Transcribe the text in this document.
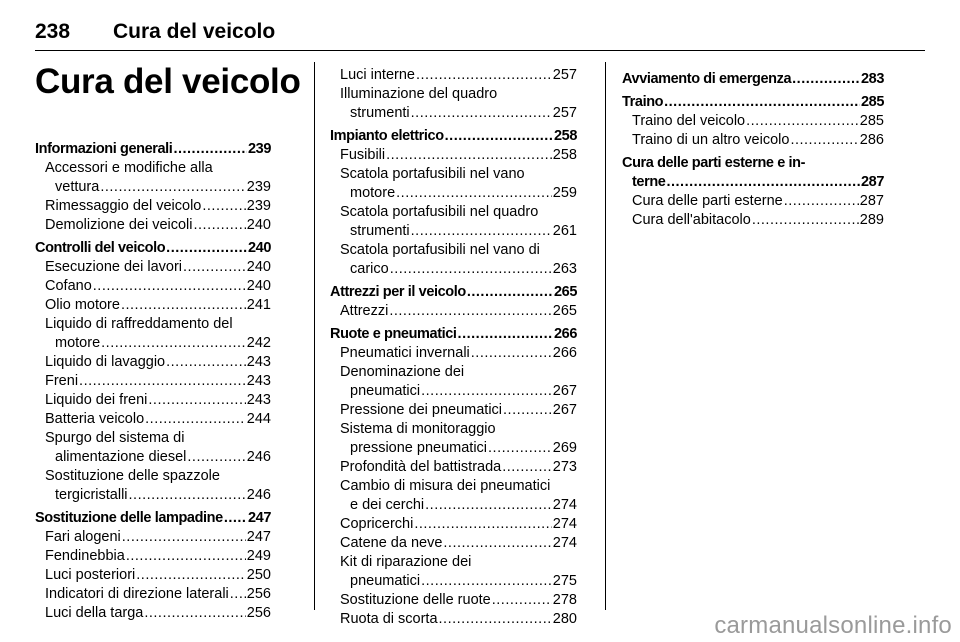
238 Cura del veicolo
Cura del veicolo
Informazioni generali .....	239
Accessori e modifiche alla
vettura .....	239
Rimessaggio del veicolo .....	239
Demolizione dei veicoli .....	240
Controlli del veicolo .....	240
Esecuzione dei lavori .....	240
Cofano .....	240
Olio motore .....	241
Liquido di raffreddamento del
motore .....	242
Liquido di lavaggio .....	243
Freni .....	243
Liquido dei freni .....	243
Batteria veicolo .....	244
Spurgo del sistema di
alimentazione diesel .....	246
Sostituzione delle spazzole
tergicristalli .....	246
Sostituzione delle lampadine ..... 247
Fari alogeni .....	247
Fendinebbia .....	249
Luci posteriori .....	250
Indicatori di direzione laterali ..... 256
Luci della targa .....	256
Luci interne .....	257
Illuminazione del quadro
strumenti .....	257
Impianto elettrico .....	258
Fusibili .....	258
Scatola portafusibili nel vano
motore .....	259
Scatola portafusibili nel quadro
strumenti .....	261
Scatola portafusibili nel vano di
carico .....	263
Attrezzi per il veicolo .....	265
Attrezzi .....	265
Ruote e pneumatici .....	266
Pneumatici invernali .....	266
Denominazione dei
pneumatici .....	267
Pressione dei pneumatici .....	267
Sistema di monitoraggio
pressione pneumatici .....	269
Profondità del battistrada .....	273
Cambio di misura dei pneumatici
e dei cerchi .....	274
Copricerchi .....	274
Catene da neve .....	274
Kit di riparazione dei
pneumatici .....	275
Sostituzione delle ruote .....	278
Ruota di scorta .....	280
Avviamento di emergenza .....	283
Traino .....	285
Traino del veicolo .....	285
Traino di un altro veicolo .....	286
Cura delle parti esterne e in-
terne .....	287
Cura delle parti esterne .....	287
Cura dell'abitacolo .....	289
carmanualsonline.info
